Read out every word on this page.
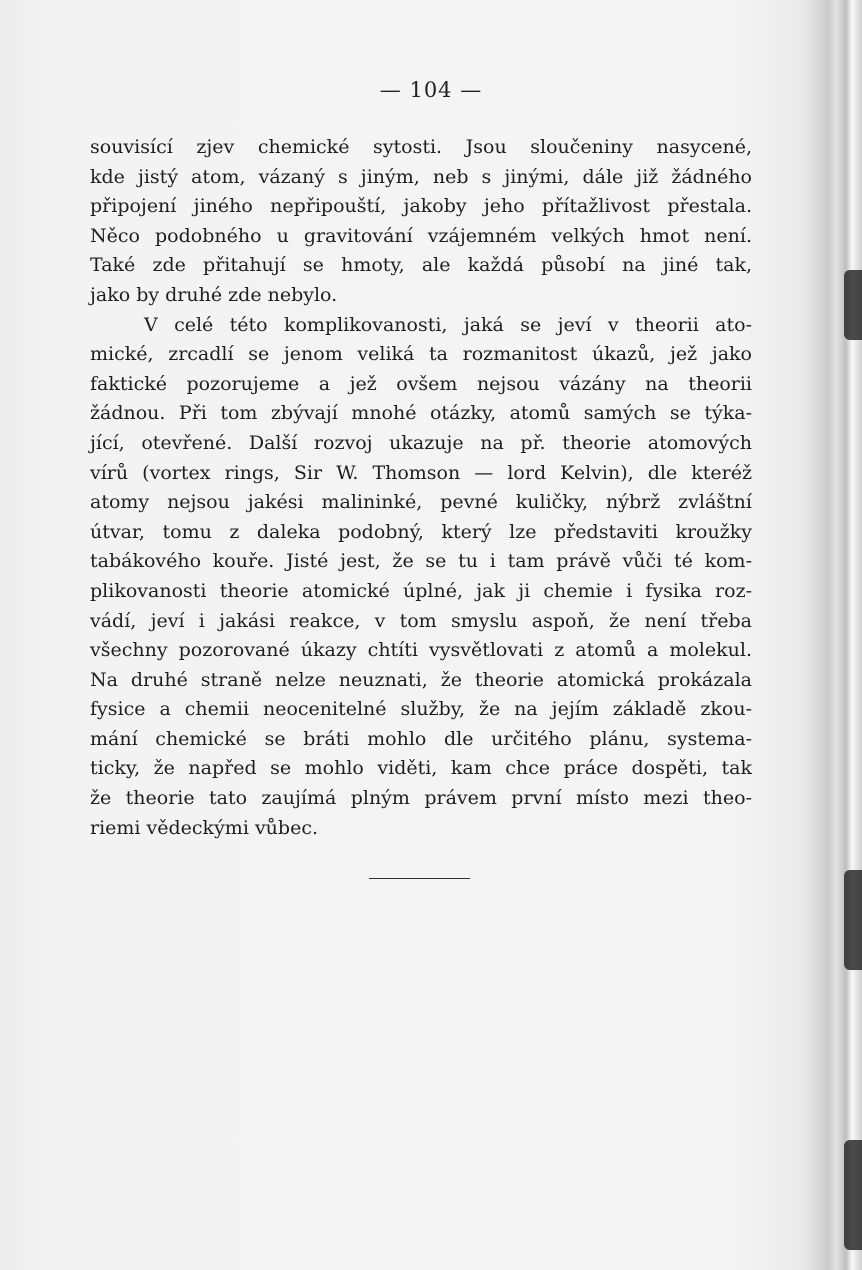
— 104 —
souvisící zjev chemické sytosti. Jsou sloučeniny nasycené,
kde jistý atom, vázaný s jiným, neb s jinými, dále již žádného
připojení jiného nepřipouští, jakoby jeho přítažlivost přestala.
Něco podobného u gravitování vzájemném velkých hmot není.
Také zde přitahují se hmoty, ale každá působí na jiné tak,
jako by druhé zde nebylo.
V celé této komplikovanosti, jaká se jeví v theorii ato-
mické, zrcadlí se jenom veliká ta rozmanitost úkazů, jež jako
faktické pozorujeme a jež ovšem nejsou vázány na theorii
žádnou. Při tom zbývají mnohé otázky, atomů samých se týka-
jící, otevřené. Další rozvoj ukazuje na př. theorie atomových
vírů (vortex rings, Sir W. Thomson — lord Kelvin), dle kteréž
atomy nejsou jakési malininké, pevné kuličky, nýbrž zvláštní
útvar, tomu z daleka podobný, který lze představiti kroužky
tabákového kouře. Jisté jest, že se tu i tam právě vůči té kom-
plikovanosti theorie atomické úplné, jak ji chemie i fysika roz-
vádí, jeví i jakási reakce, v tom smyslu aspoň, že není třeba
všechny pozorované úkazy chtíti vysvětlovati z atomů a molekul.
Na druhé straně nelze neuznati, že theorie atomická prokázala
fysice a chemii neocenitelné služby, že na jejím základě zkou-
mání chemické se bráti mohlo dle určitého plánu, systema-
ticky, že napřed se mohlo viděti, kam chce práce dospěti, tak
že theorie tato zaujímá plným právem první místo mezi theo-
riemi vědeckými vůbec.
